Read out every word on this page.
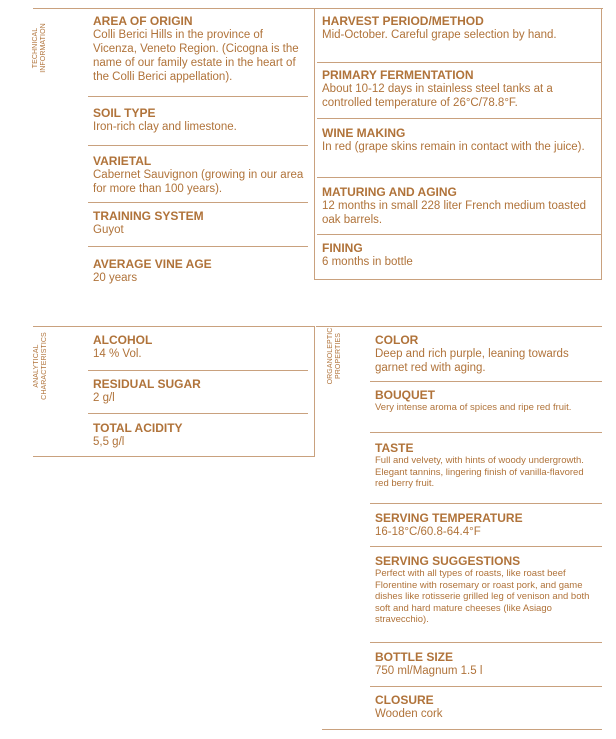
TECHNICAL INFORMATION
AREA OF ORIGIN
Colli Berici Hills in the province of Vicenza, Veneto Region. (Cicogna is the name of our family estate in the heart of the Colli Berici appellation).
SOIL TYPE
Iron-rich clay and limestone.
VARIETAL
Cabernet Sauvignon (growing in our area for more than 100 years).
TRAINING SYSTEM
Guyot
AVERAGE VINE AGE
20 years
HARVEST PERIOD/METHOD
Mid-October. Careful grape selection by hand.
PRIMARY FERMENTATION
About 10-12 days in stainless steel tanks at a controlled temperature of 26°C/78.8°F.
WINE MAKING
In red (grape skins remain in contact with the juice).
MATURING AND AGING
12 months in small 228 liter French medium toasted oak barrels.
FINING
6 months in bottle
ANALYTICAL CHARACTERISTICS	ALCOHOL
14 % Vol.
RESIDUAL SUGAR
2 g/l
TOTAL ACIDITY
5,5 g/l
ORGANOLEPTIC PROPERTIES	COLOR
Deep and rich purple, leaning towards garnet red with aging.
BOUQUET
Very intense aroma of spices and ripe red fruit.
TASTE
Full and velvety, with hints of woody undergrowth. Elegant tannins, lingering finish of vanilla-flavored red berry fruit.
SERVING TEMPERATURE
16-18°C/60.8-64.4°F
SERVING SUGGESTIONS
Perfect with all types of roasts, like roast beef Florentine with rosemary or roast pork, and game dishes like rotisserie grilled leg of venison and both soft and hard mature cheeses (like Asiago stravecchio).
BOTTLE SIZE
750 ml/Magnum 1.5 l
CLOSURE
Wooden cork
